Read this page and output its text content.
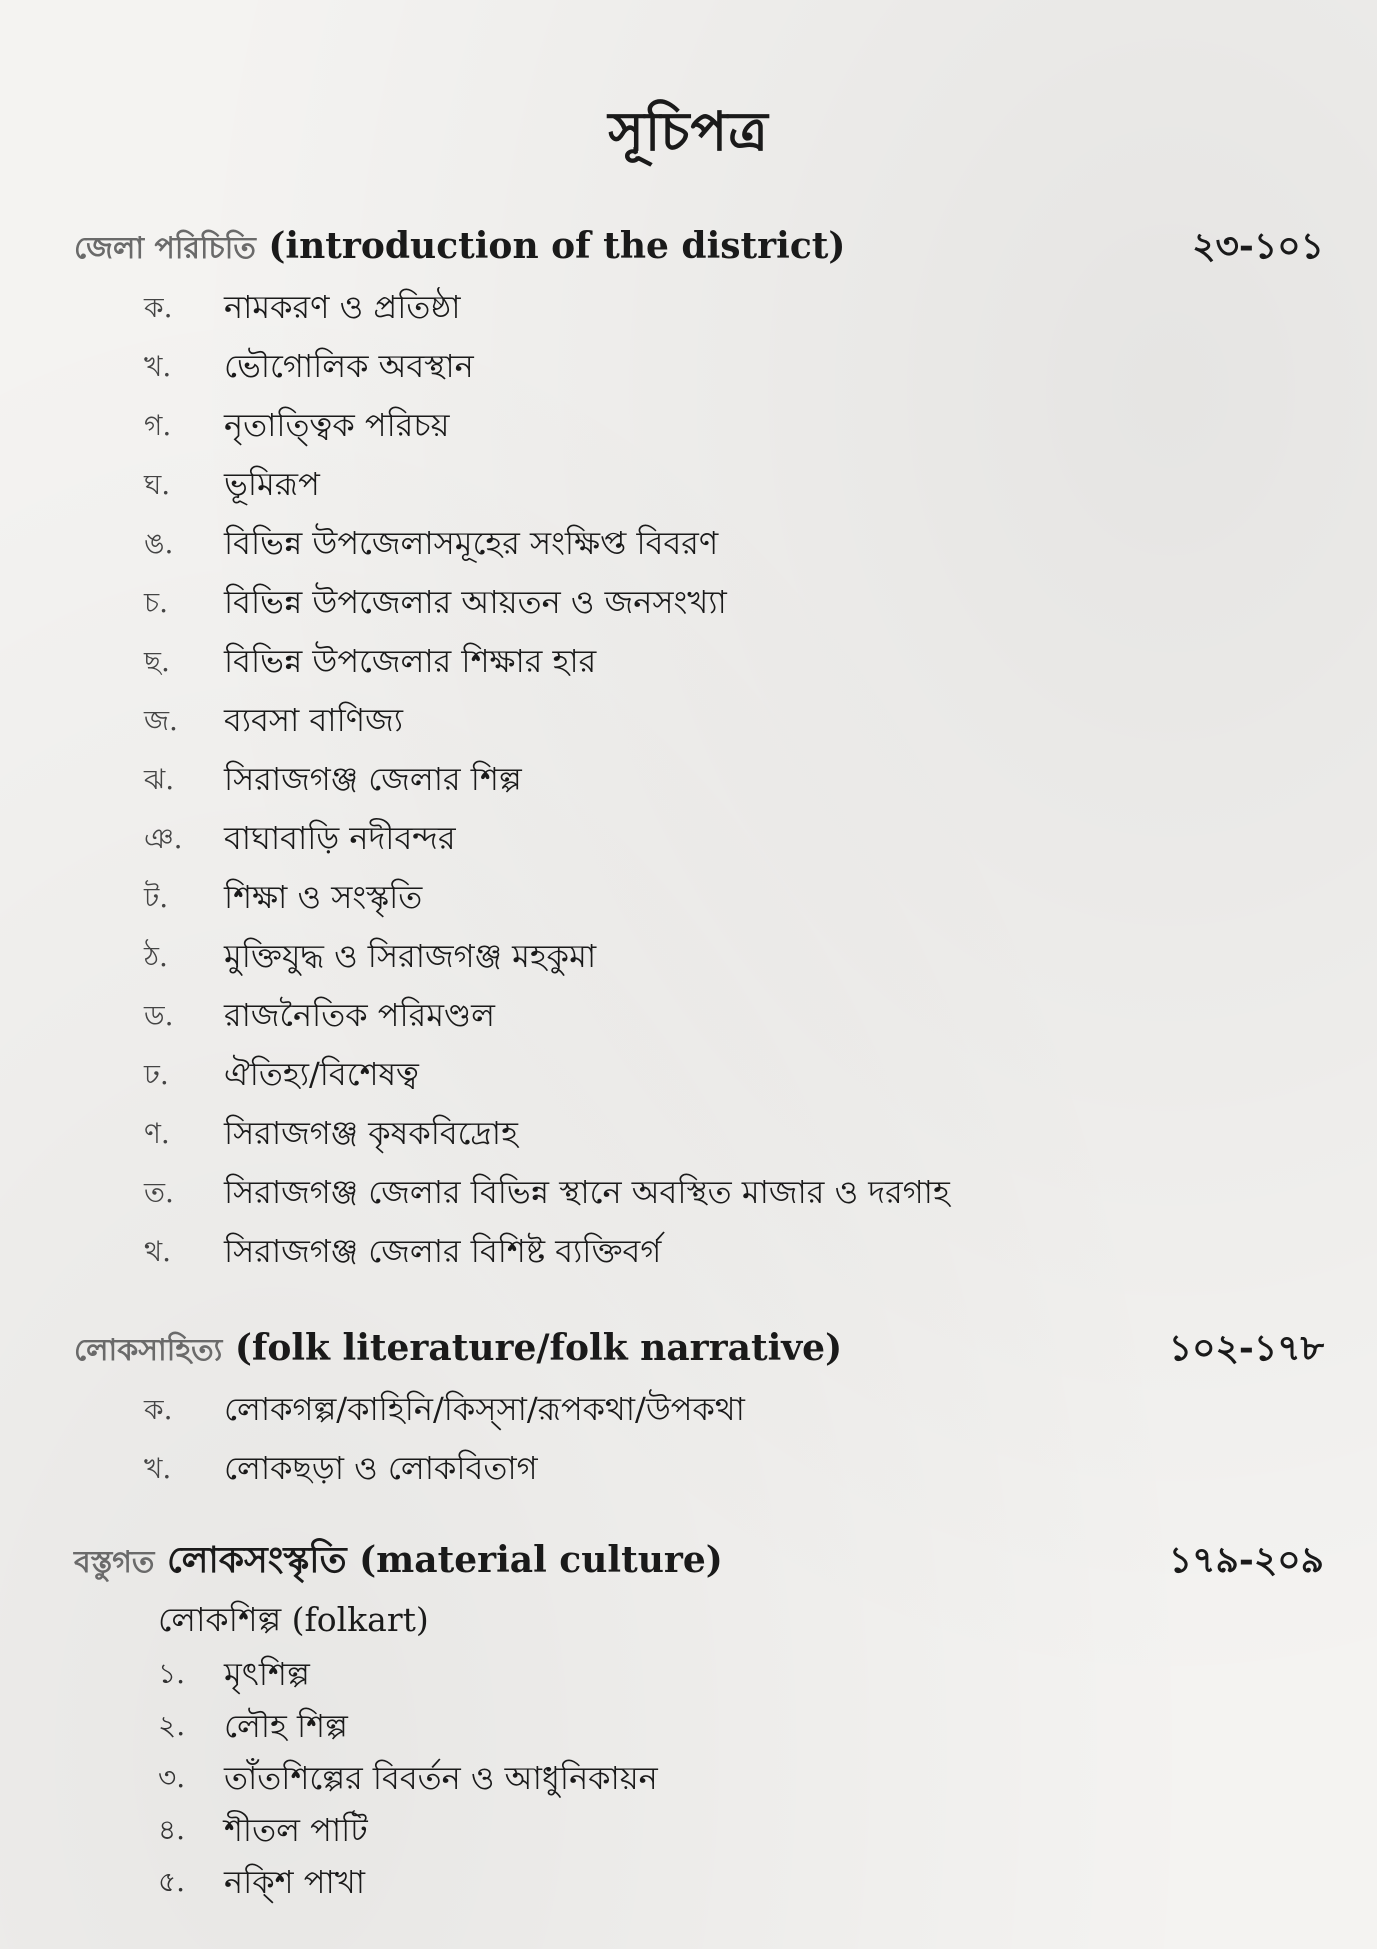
সূচিপত্র
জেলা পরিচিতি (introduction of the district)	২৩-১০১
ক. নামকরণ ও প্রতিষ্ঠা
খ. ভৌগোলিক অবস্থান
গ. নৃতাত্ত্বিক পরিচয়
ঘ. ভূমিরূপ
ঙ. বিভিন্ন উপজেলাসমূহের সংক্ষিপ্ত বিবরণ
চ. বিভিন্ন উপজেলার আয়তন ও জনসংখ্যা
ছ. বিভিন্ন উপজেলার শিক্ষার হার
জ. ব্যবসা বাণিজ্য
ঝ. সিরাজগঞ্জ জেলার শিল্প
ঞ. বাঘাবাড়ি নদীবন্দর
ট. শিক্ষা ও সংস্কৃতি
ঠ. মুক্তিযুদ্ধ ও সিরাজগঞ্জ মহকুমা
ড. রাজনৈতিক পরিমণ্ডল
ঢ. ঐতিহ্য/বিশেষত্ব
ণ. সিরাজগঞ্জ কৃষকবিদ্রোহ
ত. সিরাজগঞ্জ জেলার বিভিন্ন স্থানে অবস্থিত মাজার ও দরগাহ
থ. সিরাজগঞ্জ জেলার বিশিষ্ট ব্যক্তিবর্গ
লোকসাহিত্য (folk literature/folk narrative)	১০২-১৭৮
ক. লোকগল্প/কাহিনি/কিস্সা/রূপকথা/উপকথা
খ. লোকছড়া ও লোকবিতাগ
বস্তুগত লোকসংস্কৃতি (material culture)	১৭৯-২০৯
লোকশিল্প (folkart)
১. মৃৎশিল্প
২. লৌহ শিল্প
৩. তাঁতশিল্পের বিবর্তন ও আধুনিকায়ন
৪. শীতল পাটি
৫. নক্শি পাখা
